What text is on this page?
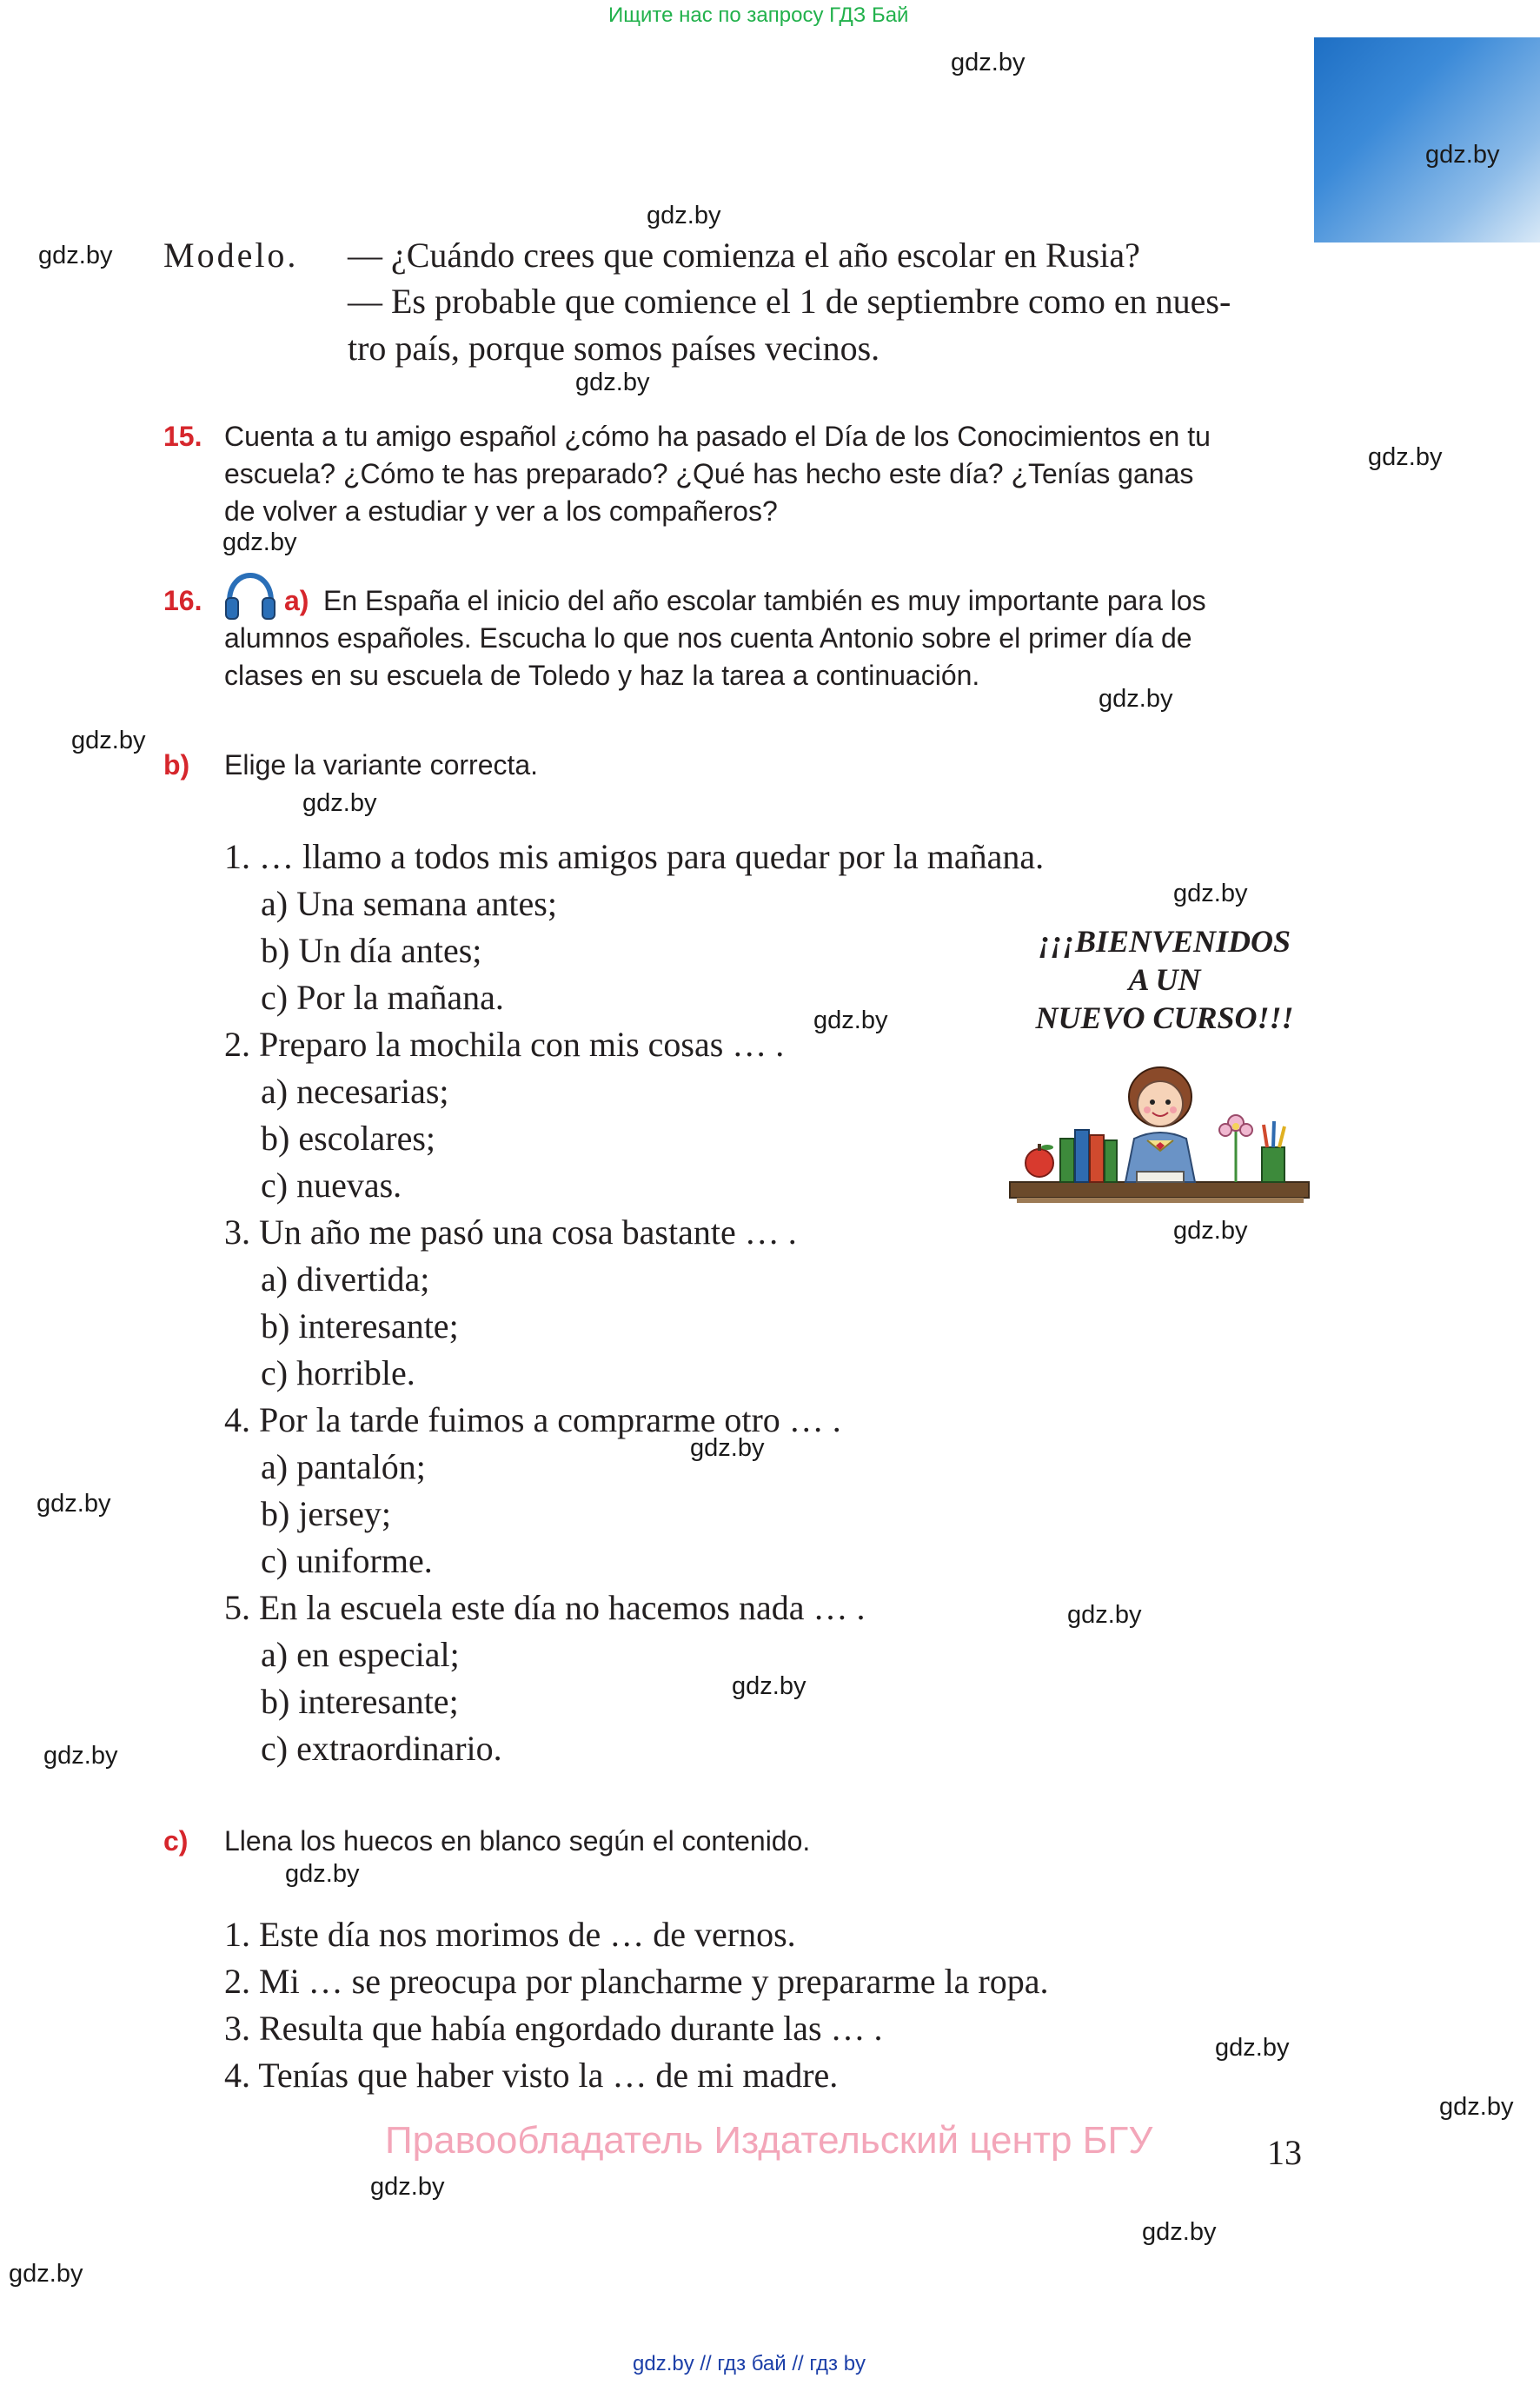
Ищите нас по запросу ГДЗ Бай
Modelo. — ¿Cuándo crees que comienza el año escolar en Rusia?
— Es probable que comience el 1 de septiembre como en nues-
tro país, porque somos países vecinos.
15. Cuenta a tu amigo español ¿cómo ha pasado el Día de los Conocimientos en tu
escuela? ¿Cómo te has preparado? ¿Qué has hecho este día? ¿Tenías ganas
de volver a estudiar y ver a los compañeros?
16.	a) En España el inicio del año escolar también es muy importante para los
alumnos españoles. Escucha lo que nos cuenta Antonio sobre el primer día de
clases en su escuela de Toledo y haz la tarea a continuación.
b) Elige la variante correcta.
1. … llamo a todos mis amigos para quedar por la mañana.
a) Una semana antes;
b) Un día antes;
c) Por la mañana.
2. Preparo la mochila con mis cosas … .
a) necesarias;
b) escolares;
c) nuevas.
3. Un año me pasó una cosa bastante … .
a) divertida;
b) interesante;
c) horrible.
4. Por la tarde fuimos a comprarme otro … .
a) pantalón;
b) jersey;
c) uniforme.
5. En la escuela este día no hacemos nada … .
a) en especial;
b) interesante;
c) extraordinario.
¡¡¡BIENVENIDOS
A UN
NUEVO CURSO!!!
c) Llena los huecos en blanco según el contenido.
1. Este día nos morimos de … de vernos.
2. Mi … se preocupa por plancharme y prepararme la ropa.
3. Resulta que había engordado durante las … .
4. Tenías que haber visto la … de mi madre.
Правообладатель Издательский центр БГУ	13
gdz.by // гдз бай // гдз by
gdz.by
gdz.by
gdz.by
gdz.by
gdz.by
gdz.by
gdz.by
gdz.by
gdz.by
gdz.by
gdz.by
gdz.by
gdz.by
gdz.by
gdz.by
gdz.by
gdz.by
gdz.by
gdz.by
gdz.by
gdz.by
gdz.by
gdz.by
gdz.by
